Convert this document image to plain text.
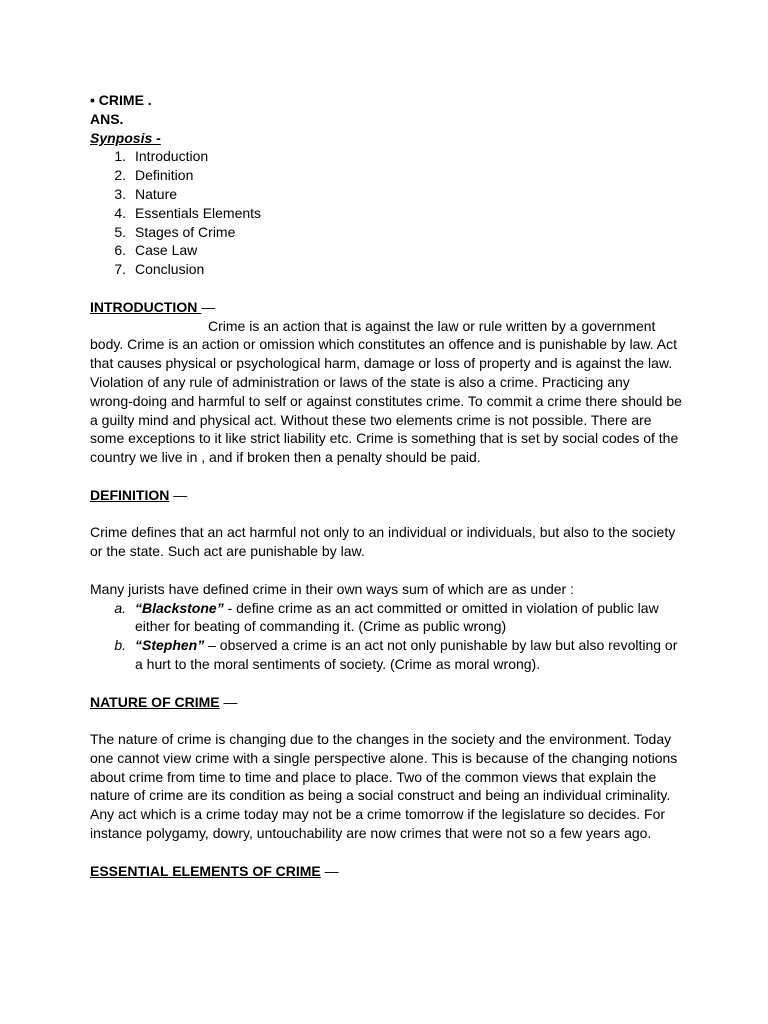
• CRIME .
ANS.
Synposis -
1. Introduction
2. Definition
3. Nature
4. Essentials Elements
5. Stages of Crime
6. Case Law
7. Conclusion
INTRODUCTION —
Crime is an action that is against the law or rule written by a government
body. Crime is an action or omission which constitutes an offence and is punishable by law. Act
that causes physical or psychological harm, damage or loss of property and is against the law.
Violation of any rule of administration or laws of the state is also a crime. Practicing any
wrong-doing and harmful to self or against constitutes crime. To commit a crime there should be
a guilty mind and physical act. Without these two elements crime is not possible. There are
some exceptions to it like strict liability etc. Crime is something that is set by social codes of the
country we live in , and if broken then a penalty should be paid.
DEFINITION —
Crime defines that an act harmful not only to an individual or individuals, but also to the society
or the state. Such act are punishable by law.
Many jurists have defined crime in their own ways sum of which are as under :
a. “Blackstone” - define crime as an act committed or omitted in violation of public law
either for beating of commanding it. (Crime as public wrong)
b. “Stephen” – observed a crime is an act not only punishable by law but also revolting or
a hurt to the moral sentiments of society. (Crime as moral wrong).
NATURE OF CRIME —
The nature of crime is changing due to the changes in the society and the environment. Today
one cannot view crime with a single perspective alone. This is because of the changing notions
about crime from time to time and place to place. Two of the common views that explain the
nature of crime are its condition as being a social construct and being an individual criminality.
Any act which is a crime today may not be a crime tomorrow if the legislature so decides. For
instance polygamy, dowry, untouchability are now crimes that were not so a few years ago.
ESSENTIAL ELEMENTS OF CRIME —
